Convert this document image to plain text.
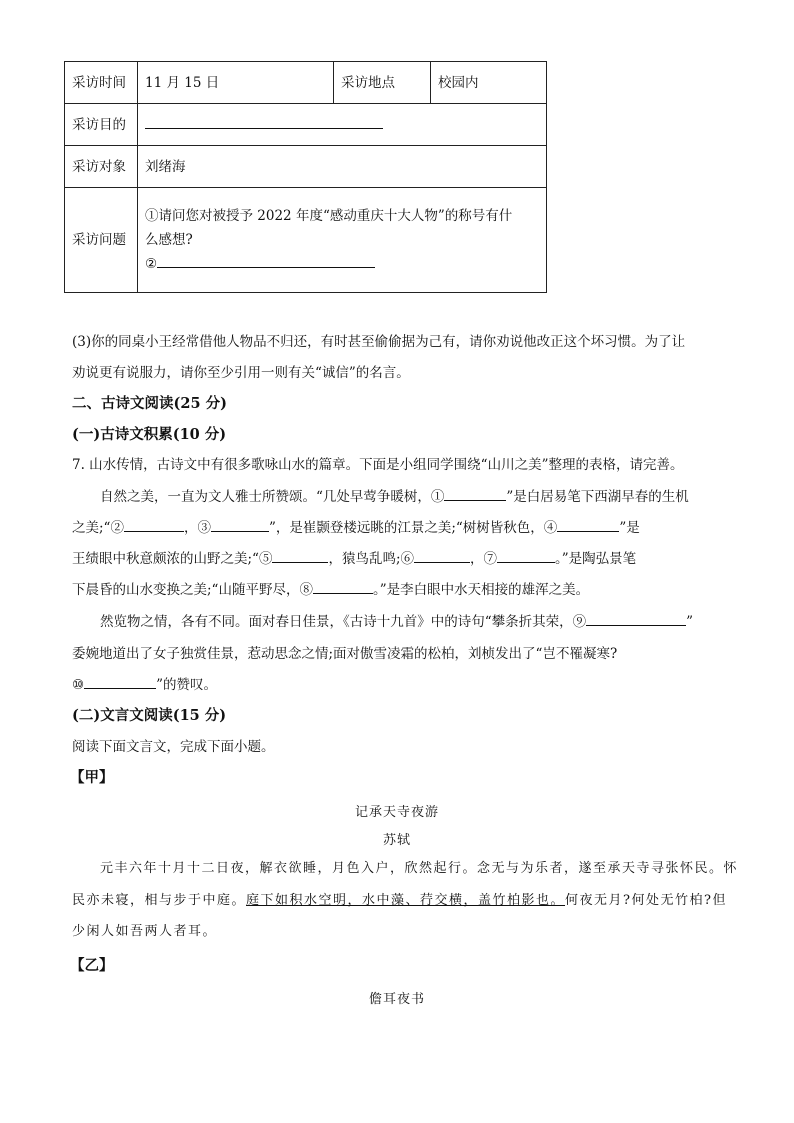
采访时间	11 月 15 日	采访地点	校园内
采访目的			
采访对象	刘绪海		
采访问题	①请问您对被授予 2022 年度“感动重庆十大人物”的称号有什
么感想?
②		
(3)你的同桌小王经常借他人物品不归还，有时甚至偷偷据为己有，请你劝说他改正这个坏习惯。为了让
劝说更有说服力，请你至少引用一则有关“诚信”的名言。
二、古诗文阅读(25 分)
(一)古诗文积累(10 分)
7. 山水传情，古诗文中有很多歌咏山水的篇章。下面是小组同学围绕“山川之美”整理的表格，请完善。
自然之美，一直为文人雅士所赞颂。“几处早莺争暖树，①	”是白居易笔下西湖早春的生机
之美;“②	，③	”，是崔颢登楼远眺的江景之美;“树树皆秋色，④	”是
王绩眼中秋意颇浓的山野之美;“⑤	，猿鸟乱鸣;⑥	，⑦	。”是陶弘景笔
下晨昏的山水变换之美;“山随平野尽，⑧	。”是李白眼中水天相接的雄浑之美。
然览物之情，各有不同。面对春日佳景，《古诗十九首》中的诗句“攀条折其荣，⑨	”
委婉地道出了女子独赏佳景，惹动思念之情;面对傲雪凌霜的松柏，刘桢发出了“岂不罹凝寒?
⑩	”的赞叹。
(二)文言文阅读(15 分)
阅读下面文言文，完成下面小题。
【甲】
记承天寺夜游
苏轼
元丰六年十月十二日夜，解衣欲睡，月色入户，欣然起行。念无与为乐者，遂至承天寺寻张怀民。怀
民亦未寝，相与步于中庭。庭下如积水空明，水中藻、荇交横，盖竹柏影也。何夜无月?何处无竹柏?但
少闲人如吾两人者耳。
【乙】
儋耳夜书
